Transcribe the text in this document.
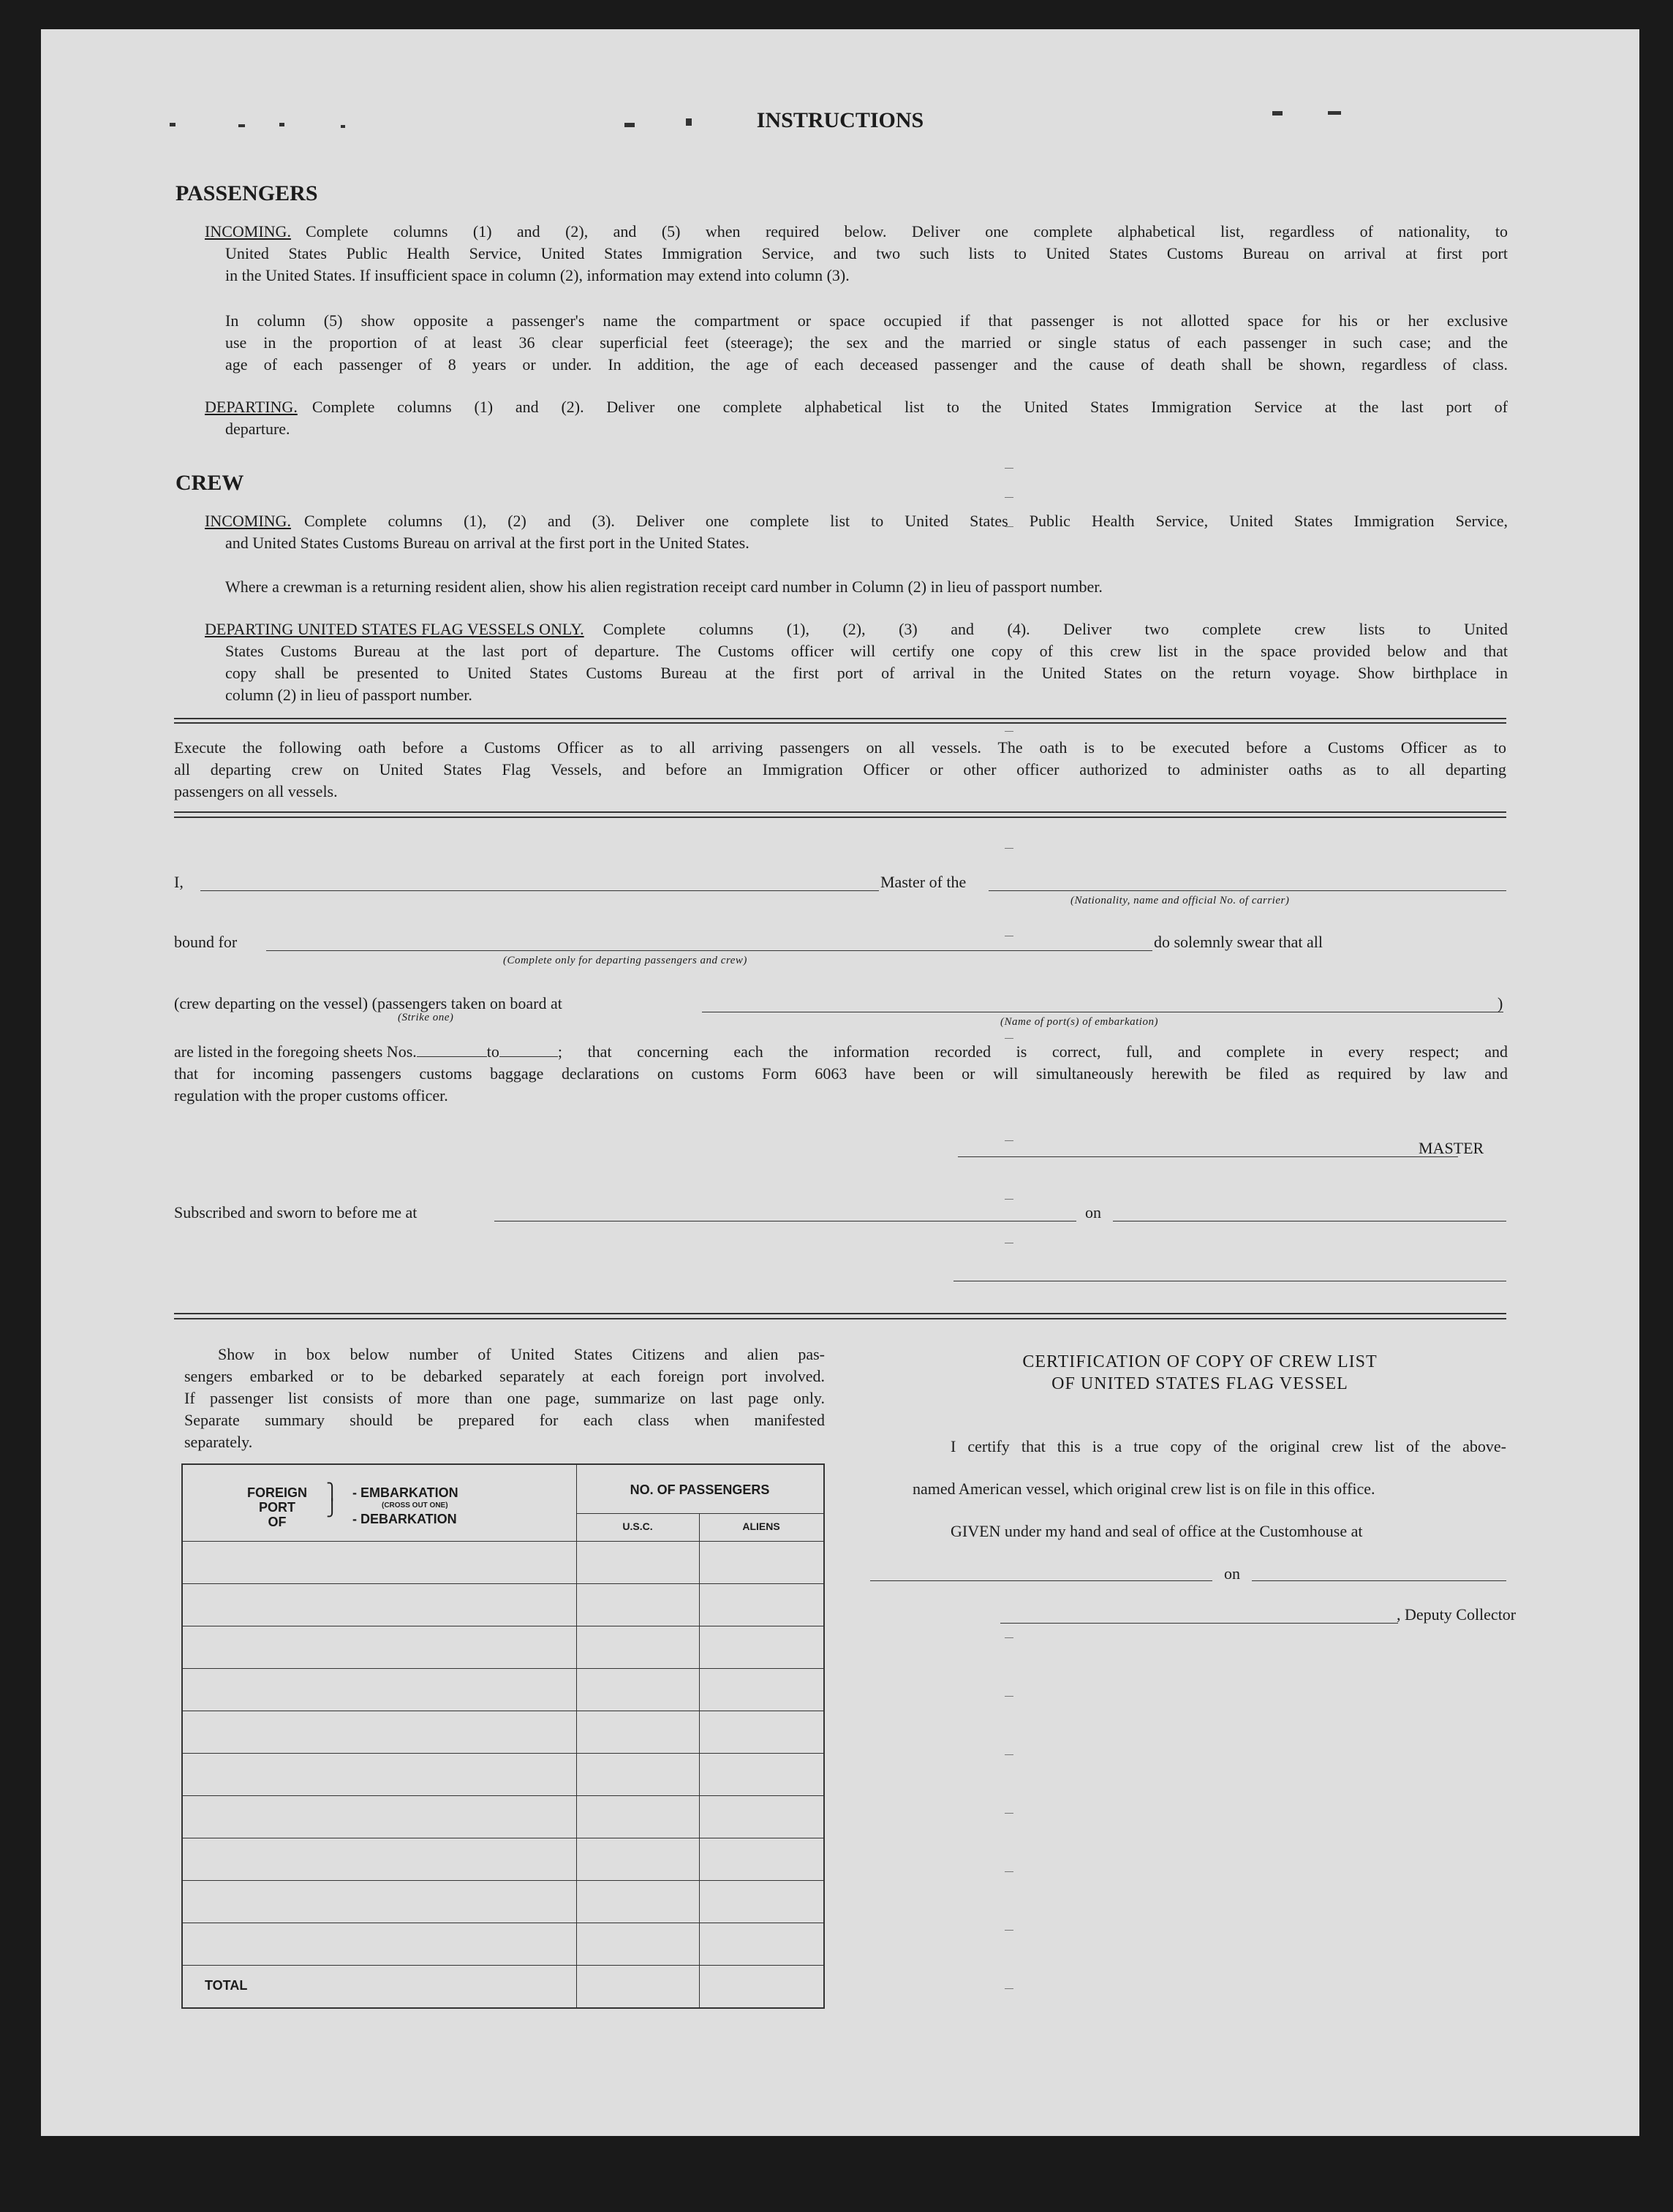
INSTRUCTIONS
PASSENGERS
INCOMING. Complete columns (1) and (2), and (5) when required below. Deliver one complete alphabetical list, regardless of nationality, to
United States Public Health Service, United States Immigration Service, and two such lists to United States Customs Bureau on arrival at first port
in the United States. If insufficient space in column (2), information may extend into column (3).
In column (5) show opposite a passenger's name the compartment or space occupied if that passenger is not allotted space for his or her exclusive
use in the proportion of at least 36 clear superficial feet (steerage); the sex and the married or single status of each passenger in such case; and the
age of each passenger of 8 years or under. In addition, the age of each deceased passenger and the cause of death shall be shown, regardless of class.
DEPARTING. Complete columns (1) and (2). Deliver one complete alphabetical list to the United States Immigration Service at the last port of
departure.
CREW
INCOMING. Complete columns (1), (2) and (3). Deliver one complete list to United States Public Health Service, United States Immigration Service,
and United States Customs Bureau on arrival at the first port in the United States.
Where a crewman is a returning resident alien, show his alien registration receipt card number in Column (2) in lieu of passport number.
DEPARTING UNITED STATES FLAG VESSELS ONLY. Complete columns (1), (2), (3) and (4). Deliver two complete crew lists to United
States Customs Bureau at the last port of departure. The Customs officer will certify one copy of this crew list in the space provided below and that
copy shall be presented to United States Customs Bureau at the first port of arrival in the United States on the return voyage. Show birthplace in
column (2) in lieu of passport number.
Execute the following oath before a Customs Officer as to all arriving passengers on all vessels. The oath is to be executed before a Customs Officer as to
all departing crew on United States Flag Vessels, and before an Immigration Officer or other officer authorized to administer oaths as to all departing
passengers on all vessels.
I,	Master of the
(Nationality, name and official No. of carrier)
bound for	do solemnly swear that all
(Complete only for departing passengers and crew)
(crew departing on the vessel) (passengers taken on board at	)
(Strike one)	(Name of port(s) of embarkation)
are listed in the foregoing sheets Nos.	to	; that concerning each the information recorded is correct, full, and complete in every respect; and
that for incoming passengers customs baggage declarations on customs Form 6063 have been or will simultaneously herewith be filed as required by law and
regulation with the proper customs officer.
MASTER
Subscribed and sworn to before me at	on
Show in box below number of United States Citizens and alien pas-
sengers embarked or to be debarked separately at each foreign port involved.
If passenger list consists of more than one page, summarize on last page only.
Separate summary should be prepared for each class when manifested
separately.
FOREIGN
PORT
OF
⎫
⎭
- EMBARKATION
(CROSS OUT ONE)
- DEBARKATION
NO. OF PASSENGERS
U.S.C.	ALIENS
TOTAL
CERTIFICATION OF COPY OF CREW LIST
OF UNITED STATES FLAG VESSEL
I certify that this is a true copy of the original crew list of the above-
named American vessel, which original crew list is on file in this office.
GIVEN under my hand and seal of office at the Customhouse at
on
, Deputy Collector
